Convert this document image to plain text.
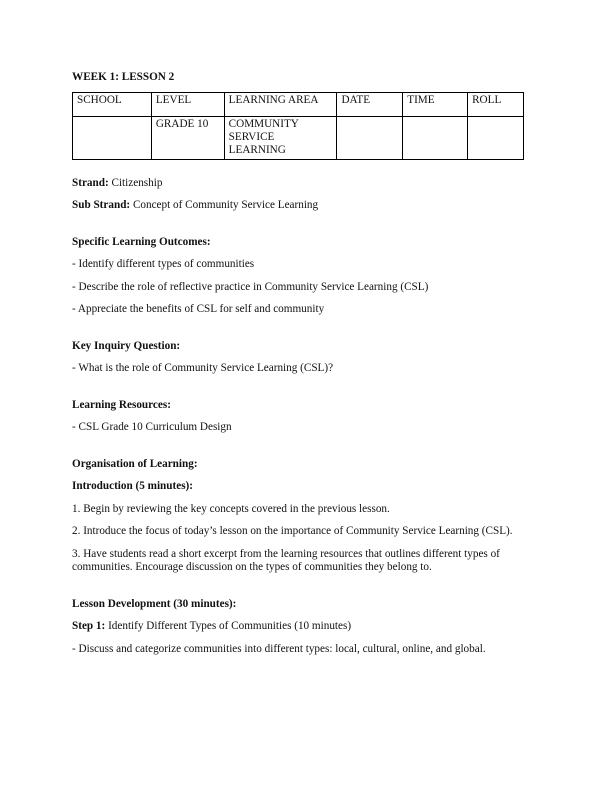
WEEK 1: LESSON 2

SCHOOL	LEVEL	LEARNING AREA	DATE	TIME	ROLL
	GRADE 10	COMMUNITY SERVICE LEARNING			

Strand: Citizenship

Sub Strand: Concept of Community Service Learning

Specific Learning Outcomes:

- Identify different types of communities

- Describe the role of reflective practice in Community Service Learning (CSL)

- Appreciate the benefits of CSL for self and community

Key Inquiry Question:

- What is the role of Community Service Learning (CSL)?

Learning Resources:

- CSL Grade 10 Curriculum Design

Organisation of Learning:

Introduction (5 minutes):

1. Begin by reviewing the key concepts covered in the previous lesson.

2. Introduce the focus of today’s lesson on the importance of Community Service Learning (CSL).

3. Have students read a short excerpt from the learning resources that outlines different types of communities. Encourage discussion on the types of communities they belong to.

Lesson Development (30 minutes):

Step 1: Identify Different Types of Communities (10 minutes)

- Discuss and categorize communities into different types: local, cultural, online, and global.
